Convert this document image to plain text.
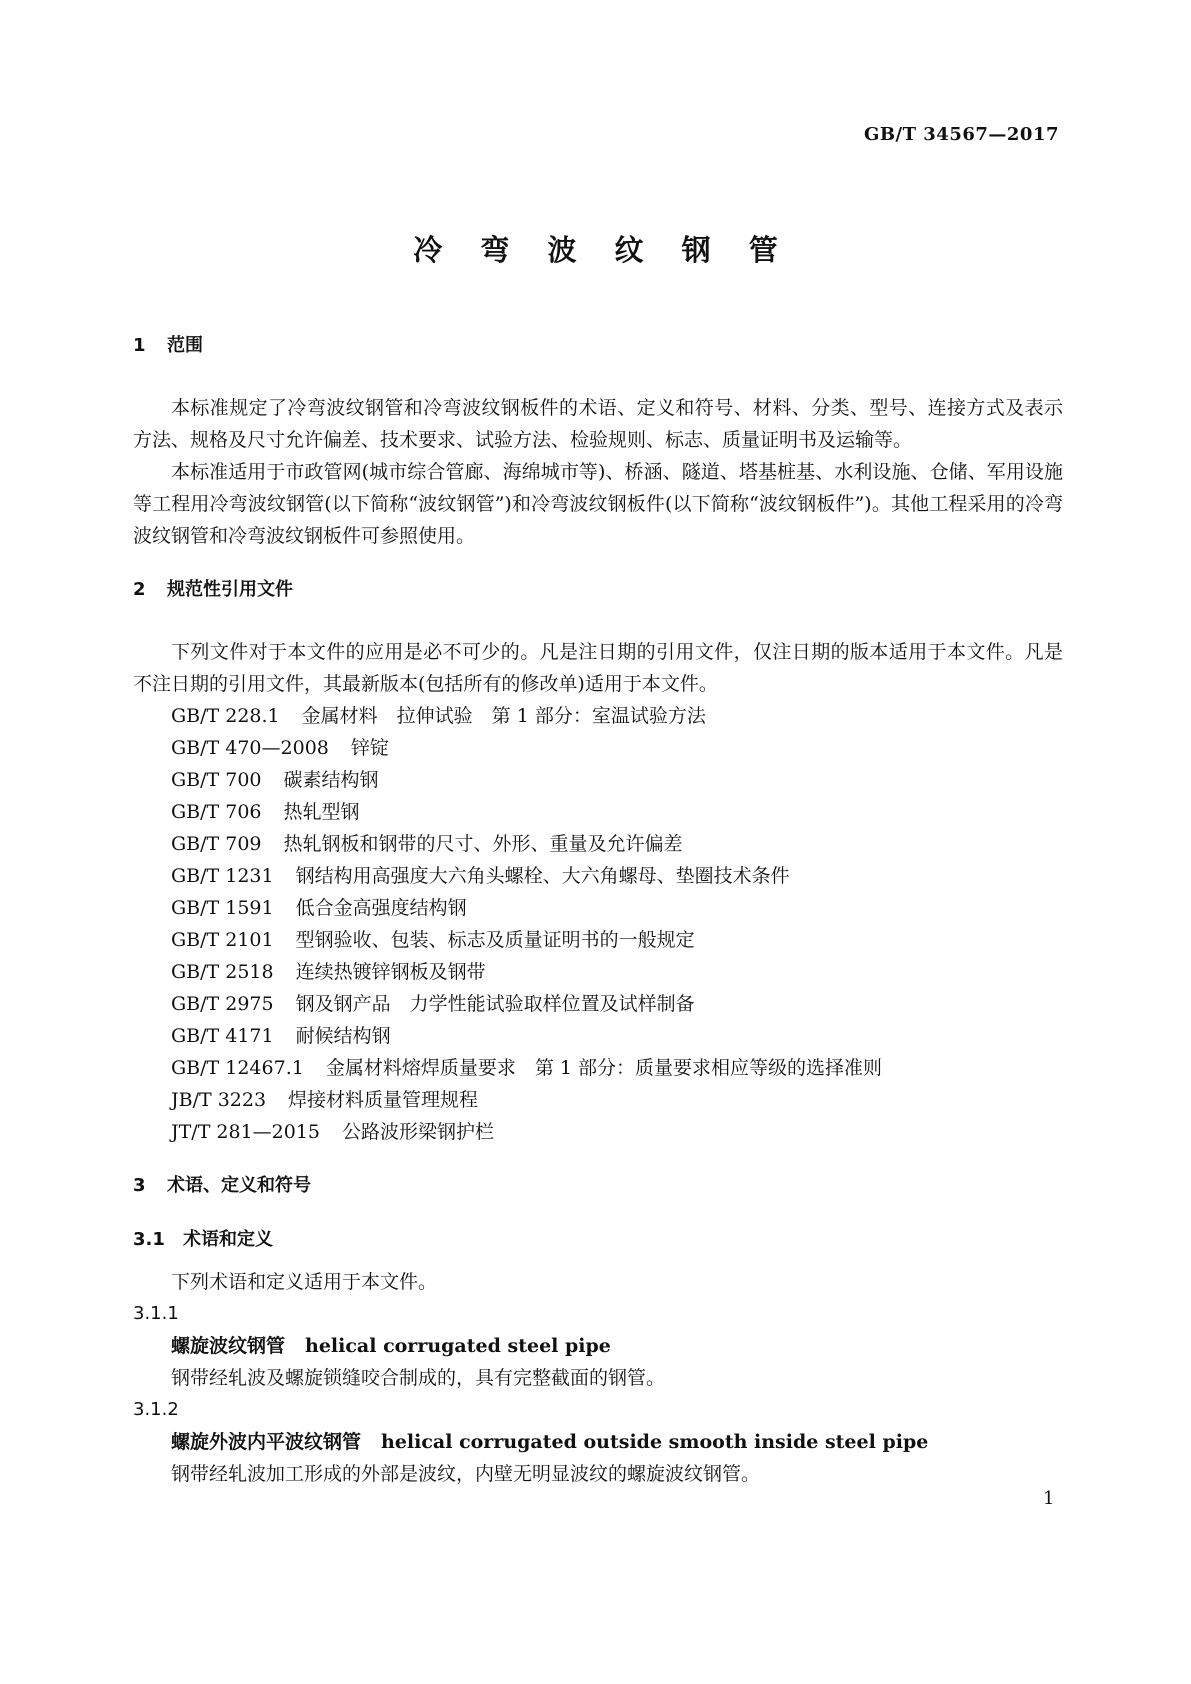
GB/T 34567—2017
冷 弯 波 纹 钢 管
1 范围

本标准规定了冷弯波纹钢管和冷弯波纹钢板件的术语、定义和符号、材料、分类、型号、连接方式及表示方法、规格及尺寸允许偏差、技术要求、试验方法、检验规则、标志、质量证明书及运输等。

本标准适用于市政管网(城市综合管廊、海绵城市等)、桥涵、隧道、塔基桩基、水利设施、仓储、军用设施等工程用冷弯波纹钢管(以下简称“波纹钢管”)和冷弯波纹钢板件(以下简称“波纹钢板件”)。其他工程采用的冷弯波纹钢管和冷弯波纹钢板件可参照使用。

2 规范性引用文件

下列文件对于本文件的应用是必不可少的。凡是注日期的引用文件，仅注日期的版本适用于本文件。凡是不注日期的引用文件，其最新版本(包括所有的修改单)适用于本文件。

GB/T 228.1 金属材料　拉伸试验　第 1 部分：室温试验方法
GB/T 470—2008 锌锭
GB/T 700 碳素结构钢
GB/T 706 热轧型钢
GB/T 709 热轧钢板和钢带的尺寸、外形、重量及允许偏差
GB/T 1231 钢结构用高强度大六角头螺栓、大六角螺母、垫圈技术条件
GB/T 1591 低合金高强度结构钢
GB/T 2101 型钢验收、包装、标志及质量证明书的一般规定
GB/T 2518 连续热镀锌钢板及钢带
GB/T 2975 钢及钢产品　力学性能试验取样位置及试样制备
GB/T 4171 耐候结构钢
GB/T 12467.1 金属材料熔焊质量要求　第 1 部分：质量要求相应等级的选择准则
JB/T 3223 焊接材料质量管理规程
JT/T 281—2015 公路波形梁钢护栏
3 术语、定义和符号
3.1 术语和定义
下列术语和定义适用于本文件。
3.1.1
螺旋波纹钢管 helical corrugated steel pipe
钢带经轧波及螺旋锁缝咬合制成的，具有完整截面的钢管。
3.1.2
螺旋外波内平波纹钢管 helical corrugated outside smooth inside steel pipe
钢带经轧波加工形成的外部是波纹，内壁无明显波纹的螺旋波纹钢管。
1
